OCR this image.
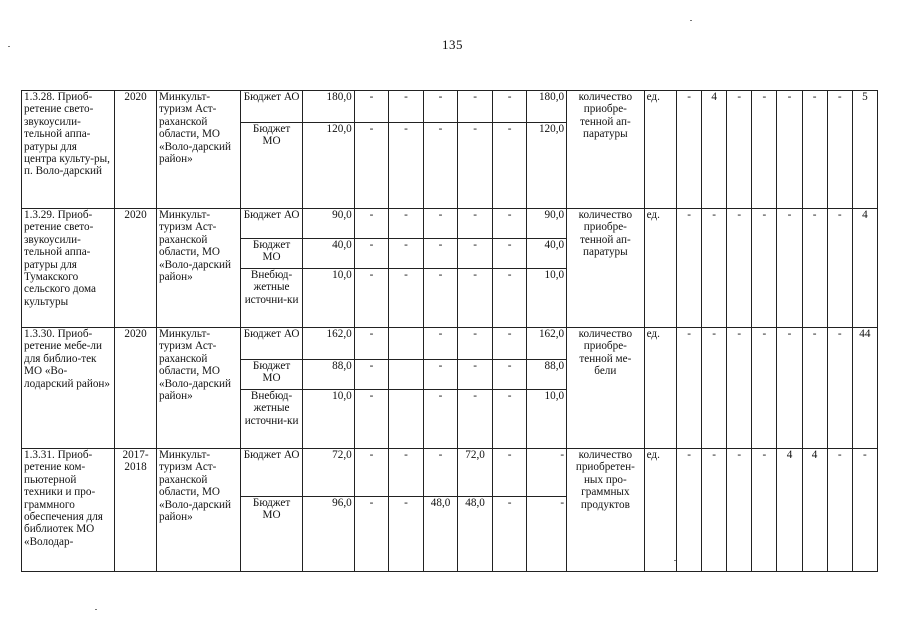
135
1.3.28. Приоб-ретение свето-звукоусили-тельной аппа-ратуры для центра культу-ры, п. Воло-дарский	2020	Минкульт-туризм Аст-раханской области, МО «Воло-дарский район»	Бюджет АО	180,0	-	-	-	-	-	180,0	количество приобре-тенной ап-паратуры	ед.	-	4	-	-	-	-	-	5
			Бюджет МО	120,0	-	-	-	-	-	120,0										
1.3.29. Приоб-ретение свето-звукоусили-тельной аппа-ратуры для Тумакского сельского дома культуры	2020	Минкульт-туризм Аст-раханской области, МО «Воло-дарский район»	Бюджет АО	90,0	-	-	-	-	-	90,0	количество приобре-тенной ап-паратуры	ед.	-	-	-	-	-	-	-	4
			Бюджет МО	40,0	-	-	-	-	-	40,0										
			Внебюд-жетные источни-ки	10,0	-	-	-	-	-	10,0										
1.3.30. Приоб-ретение мебе-ли для библио-тек МО «Во-лодарский район»	2020	Минкульт-туризм Аст-раханской области, МО «Воло-дарский район»	Бюджет АО	162,0	-		-	-	-	162,0	количество приобре-тенной ме-бели	ед.	-	-	-	-	-	-	-	44
			Бюджет МО	88,0	-		-	-	-	88,0										
			Внебюд-жетные источни-ки	10,0	-		-	-	-	10,0										
1.3.31. Приоб-ретение ком-пьютерной техники и про-граммного обеспечения для библиотек МО «Володар-	2017-2018	Минкульт-туризм Аст-раханской области, МО «Воло-дарский район»	Бюджет АО	72,0	-	-	-	72,0	-	-	количество приобретен-ных про-граммных продуктов	ед.	-	-	-	-	4	4	-	-
			Бюджет МО	96,0	-	-	48,0	48,0	-	-										
